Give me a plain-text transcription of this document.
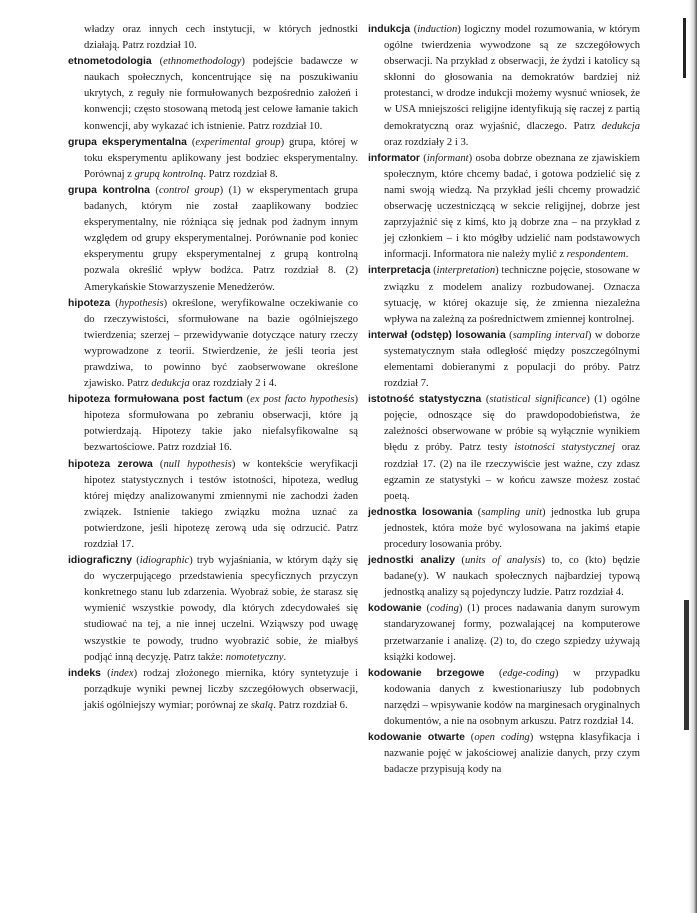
władzy oraz innych cech instytucji, w których jednostki działają. Patrz rozdział 10.

etnometodologia (ethnomethodology) podejście badawcze w naukach społecznych, koncentrujące się na poszukiwaniu ukrytych, z reguły nie formułowanych bezpośrednio założeń i konwencji; często stosowaną metodą jest celowe łamanie takich konwencji, aby wykazać ich istnienie. Patrz rozdział 10.

grupa eksperymentalna (experimental group) grupa, której w toku eksperymentu aplikowany jest bodziec eksperymentalny. Porównaj z grupą kontrolną. Patrz rozdział 8.

grupa kontrolna (control group) (1) w eksperymentach grupa badanych, którym nie został zaaplikowany bodziec eksperymentalny, nie różniąca się jednak pod żadnym innym względem od grupy eksperymentalnej. Porównanie pod koniec eksperymentu grupy eksperymentalnej z grupą kontrolną pozwala określić wpływ bodźca. Patrz rozdział 8. (2) Amerykańskie Stowarzyszenie Menedżerów.

hipoteza (hypothesis) określone, weryfikowalne oczekiwanie co do rzeczywistości, sformułowane na bazie ogólniejszego twierdzenia; szerzej – przewidywanie dotyczące natury rzeczy wyprowadzone z teorii. Stwierdzenie, że jeśli teoria jest prawdziwa, to powinno być zaobserwowane określone zjawisko. Patrz dedukcja oraz rozdziały 2 i 4.

hipoteza formułowana post factum (ex post facto hypothesis) hipoteza sformułowana po zebraniu obserwacji, które ją potwierdzają. Hipotezy takie jako niefalsyfikowalne są bezwartościowe. Patrz rozdział 16.

hipoteza zerowa (null hypothesis) w kontekście weryfikacji hipotez statystycznych i testów istotności, hipoteza, według której między analizowanymi zmiennymi nie zachodzi żaden związek. Istnienie takiego związku można uznać za potwierdzone, jeśli hipotezę zerową uda się odrzucić. Patrz rozdział 17.

idiograficzny (idiographic) tryb wyjaśniania, w którym dąży się do wyczerpującego przedstawienia specyficznych przyczyn konkretnego stanu lub zdarzenia. Wyobraź sobie, że starasz się wymienić wszystkie powody, dla których zdecydowałeś się studiować na tej, a nie innej uczelni. Wziąwszy pod uwagę wszystkie te powody, trudno wyobrazić sobie, że miałbyś podjąć inną decyzję. Patrz także: nomotetyczny.

indeks (index) rodzaj złożonego miernika, który syntetyzuje i porządkuje wyniki pewnej liczby szczegółowych obserwacji, jakiś ogólniejszy wymiar; porównaj ze skalą. Patrz rozdział 6.

indukcja (induction) logiczny model rozumowania, w którym ogólne twierdzenia wywodzone są ze szczegółowych obserwacji. Na przykład z obserwacji, że żydzi i katolicy są skłonni do głosowania na demokratów bardziej niż protestanci, w drodze indukcji możemy wysnuć wniosek, że w USA mniejszości religijne identyfikują się raczej z partią demokratyczną oraz wyjaśnić, dlaczego. Patrz dedukcja oraz rozdziały 2 i 3.

informator (informant) osoba dobrze obeznana ze zjawiskiem społecznym, które chcemy badać, i gotowa podzielić się z nami swoją wiedzą. Na przykład jeśli chcemy prowadzić obserwację uczestniczącą w sekcie religijnej, dobrze jest zaprzyjaźnić się z kimś, kto ją dobrze zna – na przykład z jej członkiem – i kto mógłby udzielić nam podstawowych informacji. Informatora nie należy mylić z respondentem.

interpretacja (interpretation) techniczne pojęcie, stosowane w związku z modelem analizy rozbudowanej. Oznacza sytuację, w której okazuje się, że zmienna niezależna wpływa na zależną za pośrednictwem zmiennej kontrolnej.

interwał (odstęp) losowania (sampling interval) w doborze systematycznym stała odległość między poszczególnymi elementami dobieranymi z populacji do próby. Patrz rozdział 7.

istotność statystyczna (statistical significance) (1) ogólne pojęcie, odnoszące się do prawdopodobieństwa, że zależności obserwowane w próbie są wyłącznie wynikiem błędu z próby. Patrz testy istotności statystycznej oraz rozdział 17. (2) na ile rzeczywiście jest ważne, czy zdasz egzamin ze statystyki – w końcu zawsze możesz zostać poetą.

jednostka losowania (sampling unit) jednostka lub grupa jednostek, która może być wylosowana na jakimś etapie procedury losowania próby.

jednostki analizy (units of analysis) to, co (kto) będzie badane(y). W naukach społecznych najbardziej typową jednostką analizy są pojedynczy ludzie. Patrz rozdział 4.

kodowanie (coding) (1) proces nadawania danym surowym standaryzowanej formy, pozwalającej na komputerowe przetwarzanie i analizę. (2) to, do czego szpiedzy używają książki kodowej.

kodowanie brzegowe (edge-coding) w przypadku kodowania danych z kwestionariuszy lub podobnych narzędzi – wpisywanie kodów na marginesach oryginalnych dokumentów, a nie na osobnym arkuszu. Patrz rozdział 14.

kodowanie otwarte (open coding) wstępna klasyfikacja i nazwanie pojęć w jakościowej analizie danych, przy czym badacze przypisują kody na
